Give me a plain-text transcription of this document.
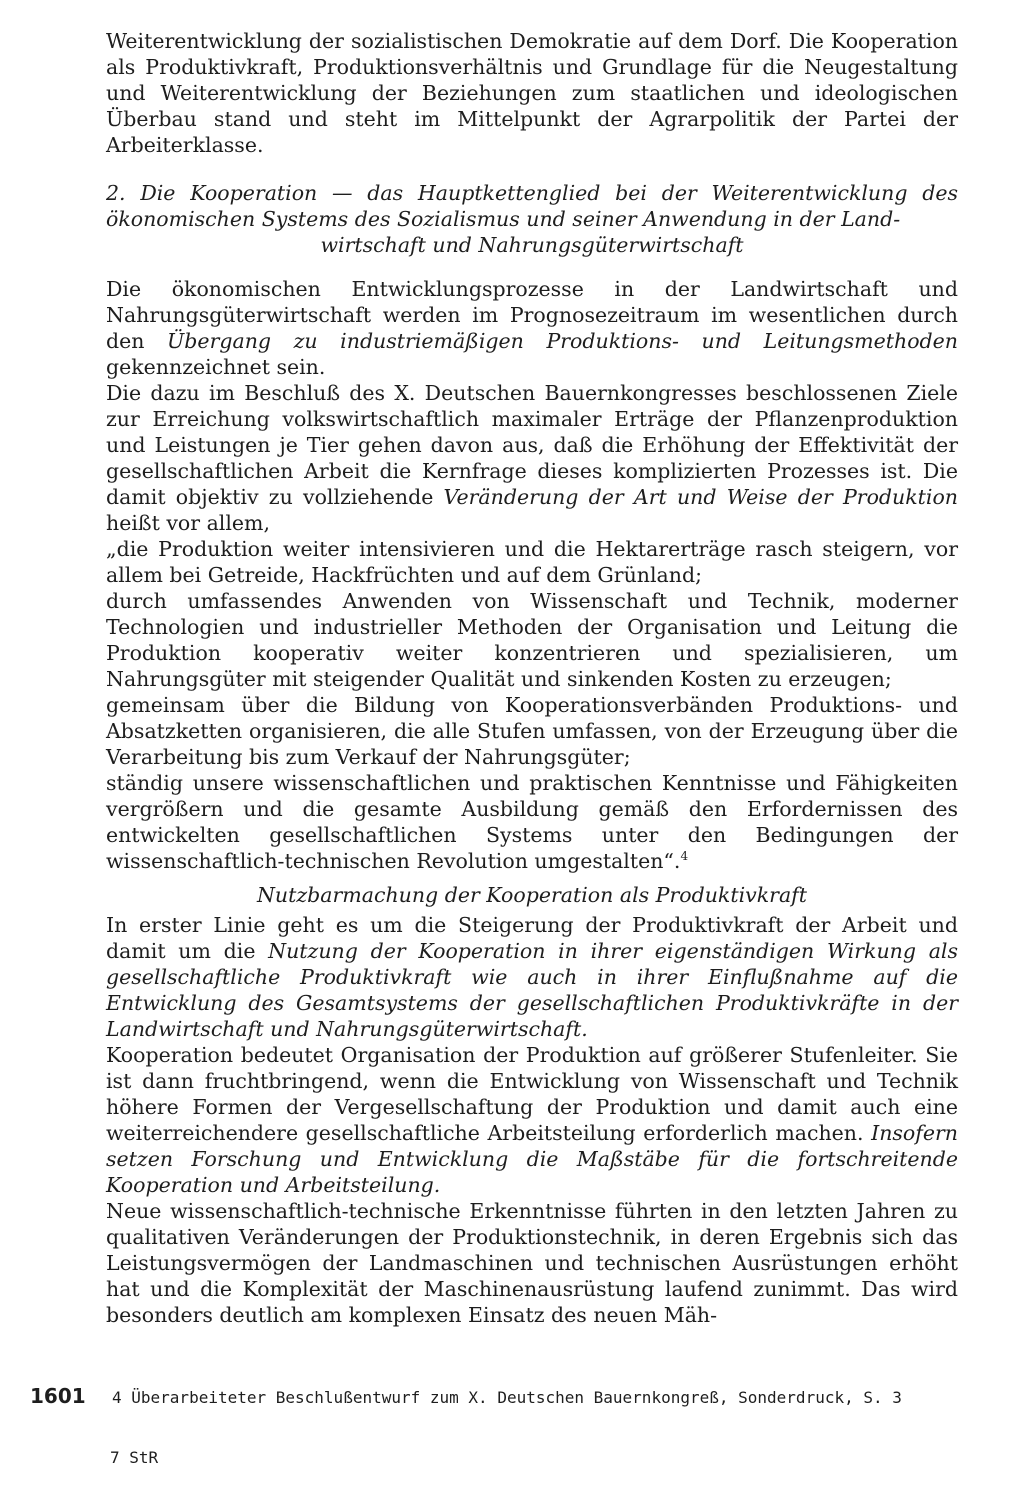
Weiterentwicklung der sozialistischen Demokratie auf dem Dorf. Die Kooperation als Produktivkraft, Produktionsverhältnis und Grundlage für die Neugestaltung und Weiterentwicklung der Beziehungen zum staatlichen und ideologischen Überbau stand und steht im Mittelpunkt der Agrarpolitik der Partei der Arbeiterklasse.

2. Die Kooperation — das Hauptkettenglied bei der Weiterentwicklung des ökonomischen Systems des Sozialismus und seiner Anwendung in der Land-
wirtschaft und Nahrungsgüterwirtschaft

Die ökonomischen Entwicklungsprozesse in der Landwirtschaft und Nahrungsgüterwirtschaft werden im Prognosezeitraum im wesentlichen durch den Übergang zu industriemäßigen Produktions- und Leitungsmethoden gekennzeichnet sein.

Die dazu im Beschluß des X. Deutschen Bauernkongresses beschlossenen Ziele zur Erreichung volkswirtschaftlich maximaler Erträge der Pflanzenproduktion und Leistungen je Tier gehen davon aus, daß die Erhöhung der Effektivität der gesellschaftlichen Arbeit die Kernfrage dieses komplizierten Prozesses ist. Die damit objektiv zu vollziehende Veränderung der Art und Weise der Produktion heißt vor allem,

„die Produktion weiter intensivieren und die Hektarerträge rasch steigern, vor allem bei Getreide, Hackfrüchten und auf dem Grünland;
durch umfassendes Anwenden von Wissenschaft und Technik, moderner Technologien und industrieller Methoden der Organisation und Leitung die Produktion kooperativ weiter konzentrieren und spezialisieren, um Nahrungsgüter mit steigender Qualität und sinkenden Kosten zu erzeugen;
gemeinsam über die Bildung von Kooperationsverbänden Produktions- und Absatzketten organisieren, die alle Stufen umfassen, von der Erzeugung über die Verarbeitung bis zum Verkauf der Nahrungsgüter;
ständig unsere wissenschaftlichen und praktischen Kenntnisse und Fähigkeiten vergrößern und die gesamte Ausbildung gemäß den Erfordernissen des entwickelten gesellschaftlichen Systems unter den Bedingungen der wissenschaftlich-technischen Revolution umgestalten“.$^4$
Nutzbarmachung der Kooperation als Produktivkraft

In erster Linie geht es um die Steigerung der Produktivkraft der Arbeit und damit um die Nutzung der Kooperation in ihrer eigenständigen Wirkung als gesellschaftliche Produktivkraft wie auch in ihrer Einflußnahme auf die Entwicklung des Gesamtsystems der gesellschaftlichen Produktivkräfte in der Landwirtschaft und Nahrungsgüterwirtschaft.

Kooperation bedeutet Organisation der Produktion auf größerer Stufenleiter. Sie ist dann fruchtbringend, wenn die Entwicklung von Wissenschaft und Technik höhere Formen der Vergesellschaftung der Produktion und damit auch eine weiterreichendere gesellschaftliche Arbeitsteilung erforderlich machen. Insofern setzen Forschung und Entwicklung die Maßstäbe für die fortschreitende Kooperation und Arbeitsteilung.

Neue wissenschaftlich-technische Erkenntnisse führten in den letzten Jahren zu qualitativen Veränderungen der Produktionstechnik, in deren Ergebnis sich das Leistungsvermögen der Landmaschinen und technischen Ausrüstungen erhöht hat und die Komplexität der Maschinenausrüstung laufend zunimmt. Das wird besonders deutlich am komplexen Einsatz des neuen Mäh-

1601 4 Überarbeiteter Beschlußentwurf zum X. Deutschen Bauernkongreß, Sonderdruck, S. 3
7 StR
